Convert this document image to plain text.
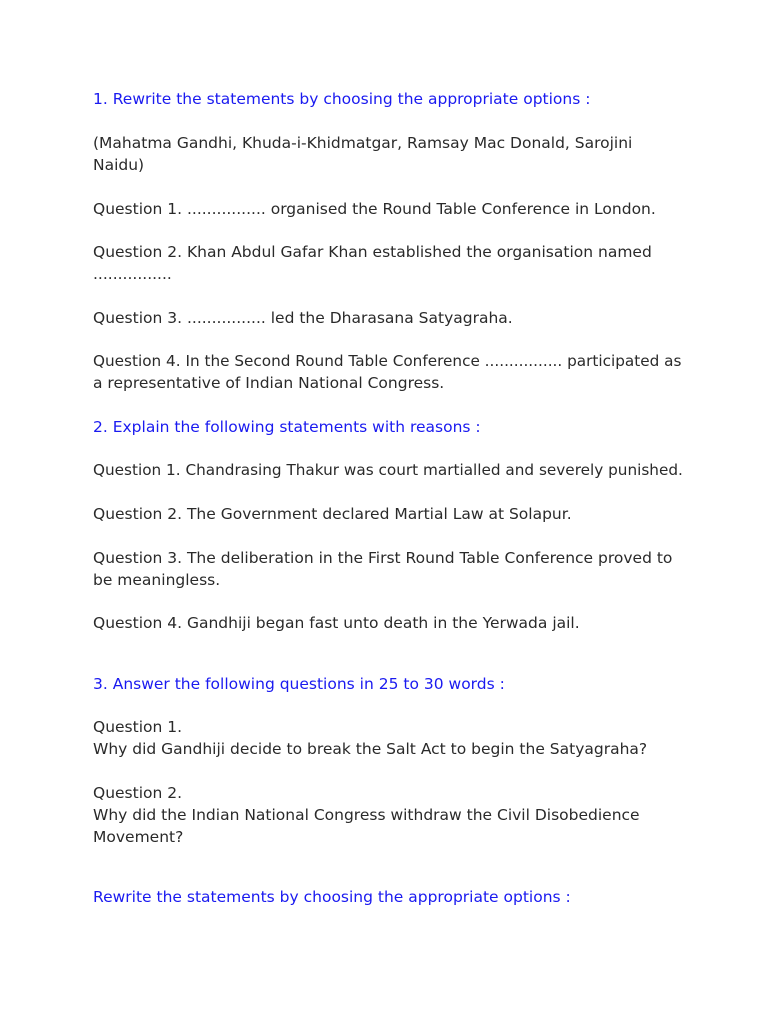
1. Rewrite the statements by choosing the appropriate options :
(Mahatma Gandhi, Khuda-i-Khidmatgar, Ramsay Mac Donald, Sarojini
Naidu)
Question 1. ................ organised the Round Table Conference in London.
Question 2. Khan Abdul Gafar Khan established the organisation named
................
Question 3. ................ led the Dharasana Satyagraha.
Question 4. In the Second Round Table Conference ................ participated as
a representative of Indian National Congress.
2. Explain the following statements with reasons :
Question 1. Chandrasing Thakur was court martialled and severely punished.
Question 2. The Government declared Martial Law at Solapur.
Question 3. The deliberation in the First Round Table Conference proved to
be meaningless.
Question 4. Gandhiji began fast unto death in the Yerwada jail.
3. Answer the following questions in 25 to 30 words :
Question 1.
Why did Gandhiji decide to break the Salt Act to begin the Satyagraha?
Question 2.
Why did the Indian National Congress withdraw the Civil Disobedience
Movement?
Rewrite the statements by choosing the appropriate options :
